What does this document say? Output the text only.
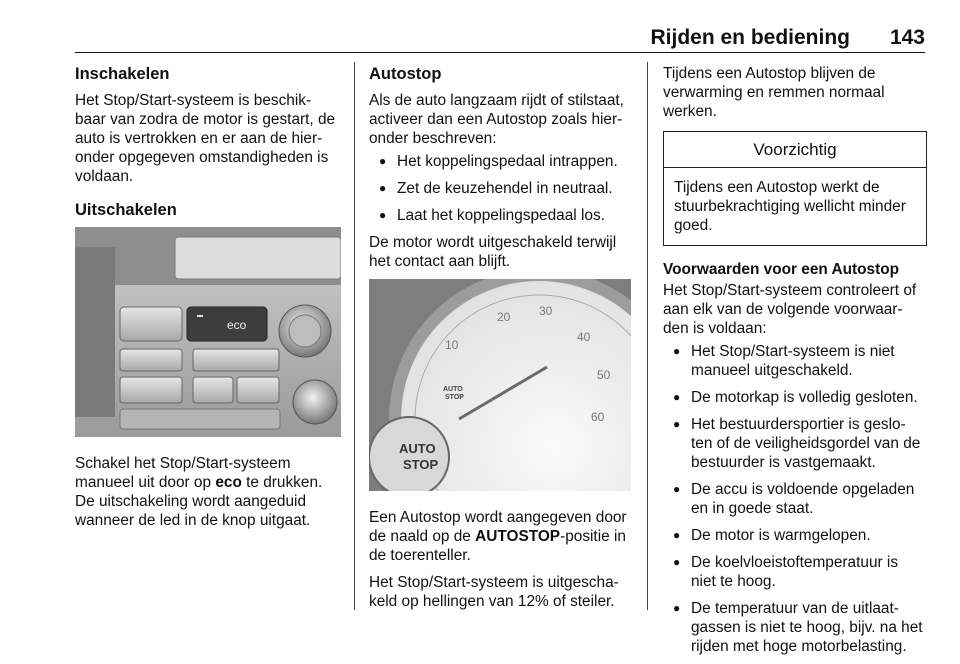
Rijden en bediening 143
Inschakelen

Het Stop/Start-systeem is beschik-baar van zodra de motor is gestart, de auto is vertrokken en er aan de hier-onder opgegeven omstandigheden is voldaan.

Uitschakelen
eco

Schakel het Stop/Start-systeem manueel uit door op eco te drukken. De uitschakeling wordt aangeduid wanneer de led in de knop uitgaat.

Autostop

Als de auto langzaam rijdt of stilstaat, activeer dan een Autostop zoals hier-onder beschreven:

● Het koppelingspedaal intrappen.
● Zet de keuzehendel in neutraal.
● Laat het koppelingspedaal los.

De motor wordt uitgeschakeld terwijl het contact aan blijft.

10
20 30
40
50
60
AUTO
STOP
AUTO
STOP

Een Autostop wordt aangegeven door de naald op de AUTOSTOP-positie in de toerenteller.

Het Stop/Start-systeem is uitgescha-keld op hellingen van 12% of steiler.

Tijdens een Autostop blijven de verwarming en remmen normaal werken.

Voorzichtig
Tijdens een Autostop werkt de stuurbekrachtiging wellicht minder goed.
Voorwaarden voor een Autostop

Het Stop/Start-systeem controleert of aan elk van de volgende voorwaar-den is voldaan:

● Het Stop/Start-systeem is niet manueel uitgeschakeld.
● De motorkap is volledig gesloten.
● Het bestuurdersportier is geslo-ten of de veiligheidsgordel van de bestuurder is vastgemaakt.
● De accu is voldoende opgeladen en in goede staat.
● De motor is warmgelopen.
● De koelvloeistoftemperatuur is niet te hoog.
● De temperatuur van de uitlaat-gassen is niet te hoog, bijv. na het rijden met hoge motorbelasting.
